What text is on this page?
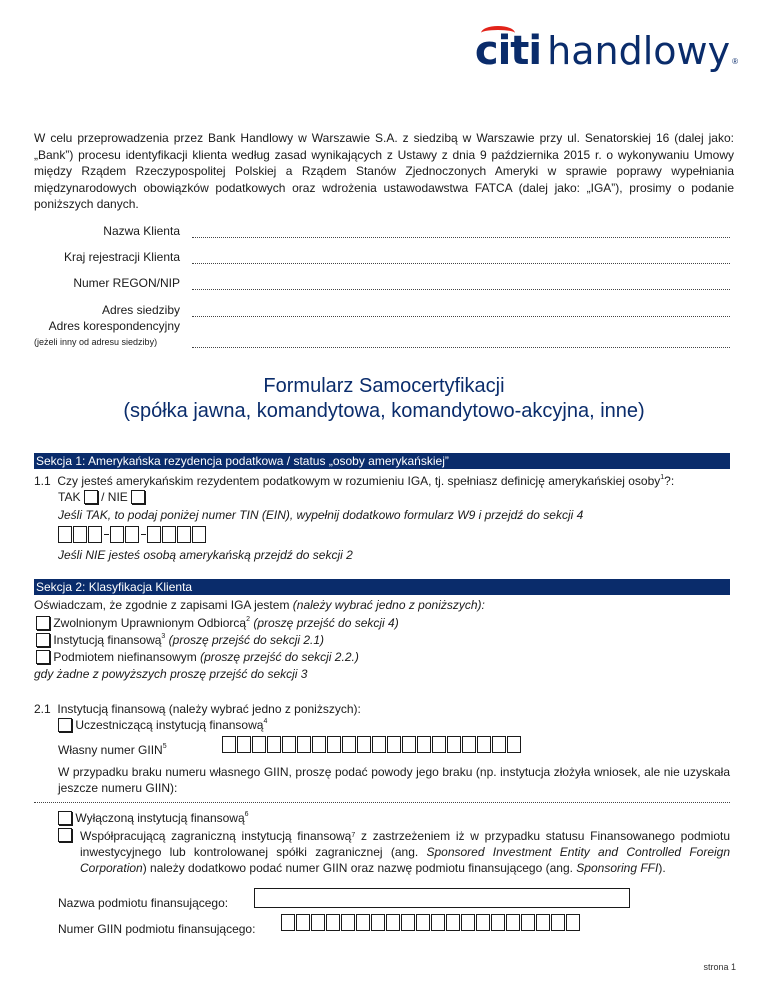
citi handlowy ®
W celu przeprowadzenia przez Bank Handlowy w Warszawie S.A. z siedzibą w Warszawie przy ul. Senatorskiej 16 (dalej jako: „Bank”) procesu identyfikacji klienta według zasad wynikających z Ustawy z dnia 9 października 2015 r. o wykonywaniu Umowy między Rządem Rzeczypospolitej Polskiej a Rządem Stanów Zjednoczonych Ameryki w sprawie poprawy wypełniania międzynarodowych obowiązków podatkowych oraz wdrożenia ustawodawstwa FATCA (dalej jako: „IGA”), prosimy o podanie poniższych danych.
Nazwa Klienta
Kraj rejestracji Klienta
Numer REGON/NIP
Adres siedziby
Adres korespondencyjny
(jeżeli inny od adresu siedziby)
Formularz Samocertyfikacji
(spółka jawna, komandytowa, komandytowo-akcyjna, inne)
Sekcja 1: Amerykańska rezydencja podatkowa / status „osoby amerykańskiej”
1.1 Czy jesteś amerykańskim rezydentem podatkowym w rozumieniu IGA, tj. spełniasz definicję amerykańskiej osoby$^1$?:
TAK / NIE
Jeśli TAK, to podaj poniżej numer TIN (EIN), wypełnij dodatkowo formularz W9 i przejdź do sekcji 4
Jeśli NIE jesteś osobą amerykańską przejdź do sekcji 2
Sekcja 2: Klasyfikacja Klienta
Oświadczam, że zgodnie z zapisami IGA jestem (należy wybrać jedno z poniższych):
Zwolnionym Uprawnionym Odbiorcą$^2$ (proszę przejść do sekcji 4)
Instytucją finansową$^3$ (proszę przejść do sekcji 2.1)
Podmiotem niefinansowym (proszę przejść do sekcji 2.2.)
gdy żadne z powyższych proszę przejść do sekcji 3
2.1 Instytucją finansową (należy wybrać jedno z poniższych):
Uczestniczącą instytucją finansową$^4$
Własny numer GIIN$^5$
W przypadku braku numeru własnego GIIN, proszę podać powody jego braku (np. instytucja złożyła wniosek, ale nie uzyskała jeszcze numeru GIIN):
Wyłączoną instytucją finansową$^6$
Współpracującą zagraniczną instytucją finansową$^7$ z zastrzeżeniem iż w przypadku statusu Finansowanego podmiotu inwestycyjnego lub kontrolowanej spółki zagranicznej (ang. Sponsored Investment Entity and Controlled Foreign Corporation) należy dodatkowo podać numer GIIN oraz nazwę podmiotu finansującego (ang. Sponsoring FFI).
Nazwa podmiotu finansującego:
Numer GIIN podmiotu finansującego:
strona 1
